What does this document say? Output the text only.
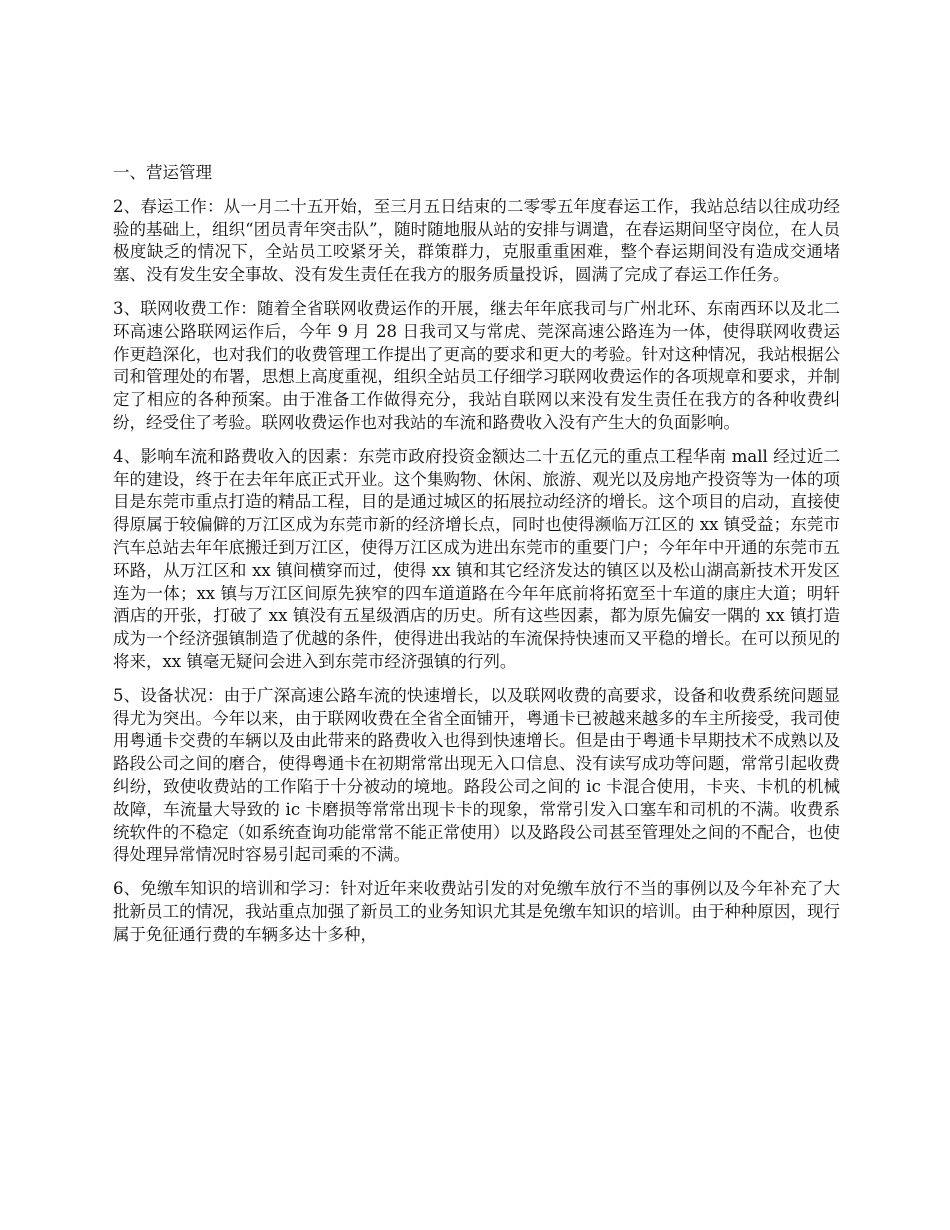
一、营运管理

2、春运工作：从一月二十五开始，至三月五日结束的二零零五年度春运工作，我站总结以往成功经验的基础上，组织“团员青年突击队”，随时随地服从站的安排与调遣，在春运期间坚守岗位，在人员极度缺乏的情况下，全站员工咬紧牙关，群策群力，克服重重困难，整个春运期间没有造成交通堵塞、没有发生安全事故、没有发生责任在我方的服务质量投诉，圆满了完成了春运工作任务。

3、联网收费工作：随着全省联网收费运作的开展，继去年年底我司与广州北环、东南西环以及北二环高速公路联网运作后，今年 9 月 28 日我司又与常虎、莞深高速公路连为一体，使得联网收费运作更趋深化，也对我们的收费管理工作提出了更高的要求和更大的考验。针对这种情况，我站根据公司和管理处的布署，思想上高度重视，组织全站员工仔细学习联网收费运作的各项规章和要求，并制定了相应的各种预案。由于准备工作做得充分，我站自联网以来没有发生责任在我方的各种收费纠纷，经受住了考验。联网收费运作也对我站的车流和路费收入没有产生大的负面影响。

4、影响车流和路费收入的因素：东莞市政府投资金额达二十五亿元的重点工程华南 mall 经过近二年的建设，终于在去年年底正式开业。这个集购物、休闲、旅游、观光以及房地产投资等为一体的项目是东莞市重点打造的精品工程，目的是通过城区的拓展拉动经济的增长。这个项目的启动，直接使得原属于较偏僻的万江区成为东莞市新的经济增长点，同时也使得濒临万江区的 xx 镇受益；东莞市汽车总站去年年底搬迁到万江区，使得万江区成为进出东莞市的重要门户；今年年中开通的东莞市五环路，从万江区和 xx 镇间横穿而过，使得 xx 镇和其它经济发达的镇区以及松山湖高新技术开发区连为一体；xx 镇与万江区间原先狭窄的四车道道路在今年年底前将拓宽至十车道的康庄大道；明轩酒店的开张，打破了 xx 镇没有五星级酒店的历史。所有这些因素，都为原先偏安一隅的 xx 镇打造成为一个经济强镇制造了优越的条件，使得进出我站的车流保持快速而又平稳的增长。在可以预见的将来，xx 镇毫无疑问会进入到东莞市经济强镇的行列。

5、设备状况：由于广深高速公路车流的快速增长，以及联网收费的高要求，设备和收费系统问题显得尤为突出。今年以来，由于联网收费在全省全面铺开，粤通卡已被越来越多的车主所接受，我司使用粤通卡交费的车辆以及由此带来的路费收入也得到快速增长。但是由于粤通卡早期技术不成熟以及路段公司之间的磨合，使得粤通卡在初期常常出现无入口信息、没有读写成功等问题，常常引起收费纠纷，致使收费站的工作陷于十分被动的境地。路段公司之间的 ic 卡混合使用，卡夹、卡机的机械故障，车流量大导致的 ic 卡磨损等常常出现卡卡的现象，常常引发入口塞车和司机的不满。收费系统软件的不稳定（如系统查询功能常常不能正常使用）以及路段公司甚至管理处之间的不配合，也使得处理异常情况时容易引起司乘的不满。

6、免缴车知识的培训和学习：针对近年来收费站引发的对免缴车放行不当的事例以及今年补充了大批新员工的情况，我站重点加强了新员工的业务知识尤其是免缴车知识的培训。由于种种原因，现行属于免征通行费的车辆多达十多种，
